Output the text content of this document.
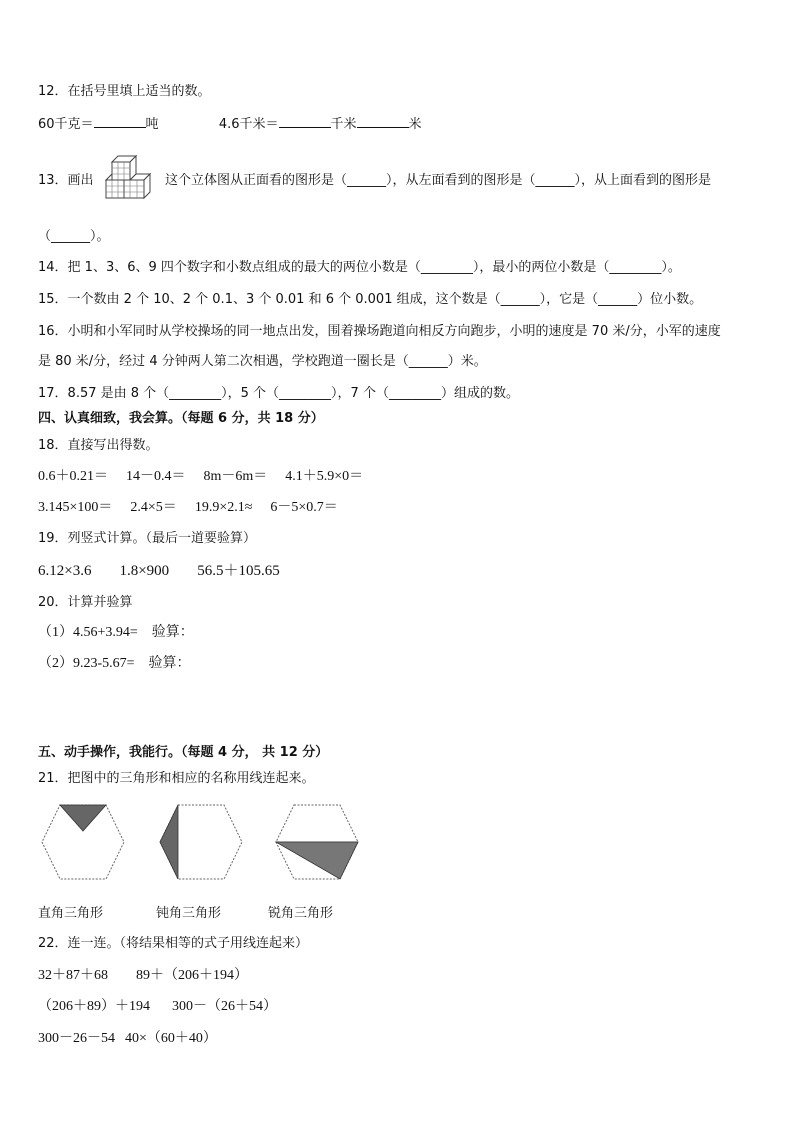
12．在括号里填上适当的数。
60千克＝	吨	4.6千米＝	千米	米
13．画出	这个立体图从正面看的图形是（______），从左面看到的图形是（______），从上面看到的图形是
（______）。
14．把 1、3、6、9 四个数字和小数点组成的最大的两位小数是（________），最小的两位小数是（________）。
15．一个数由 2 个 10、2 个 0.1、3 个 0.01 和 6 个 0.001 组成，这个数是（______），它是（______）位小数。
16．小明和小军同时从学校操场的同一地点出发，围着操场跑道向相反方向跑步，小明的速度是 70 米/分，小军的速度
是 80 米/分，经过 4 分钟两人第二次相遇，学校跑道一圈长是（______）米。
17．8.57 是由 8 个（________），5 个（________），7 个（________）组成的数。
四、认真细致，我会算。（每题 6 分，共 18 分）
18．直接写出得数。
0.6＋0.21＝ 14－0.4＝ 8m－6m＝ 4.1＋5.9×0＝
3.145×100＝ 2.4×5＝ 19.9×2.1≈ 6－5×0.7＝
19．列竖式计算。（最后一道要验算）
6.12×3.6 1.8×900 56.5＋105.65
20．计算并验算
（1）4.56+3.94=　验算：
（2）9.23-5.67=　验算：
五、动手操作，我能行。（每题 4 分， 共 12 分）
21．把图中的三角形和相应的名称用线连起来。
直角三角形	钝角三角形	锐角三角形
22．连一连。（将结果相等的式子用线连起来）
32＋87＋68 89＋（206＋194）
（206＋89）＋194 300－（26＋54）
300－26－54 40×（60＋40）
